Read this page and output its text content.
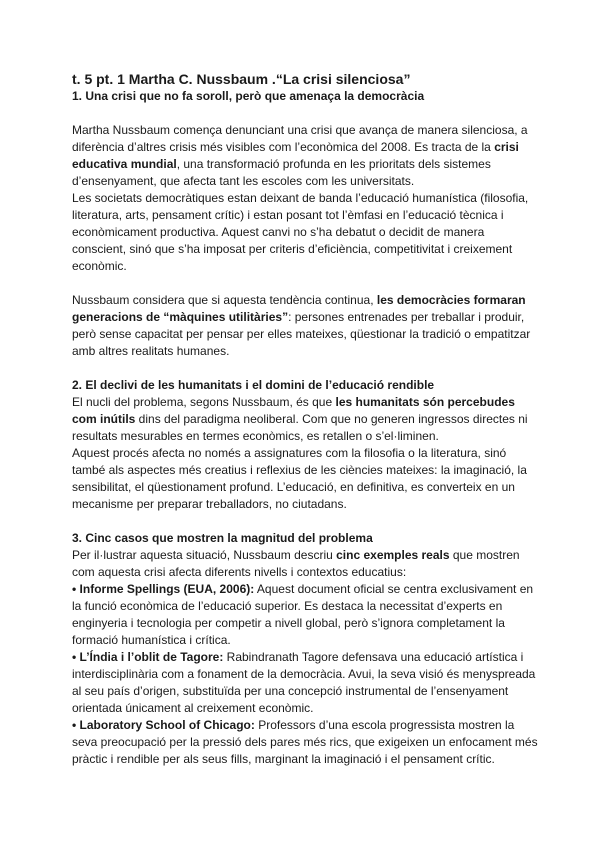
t. 5 pt. 1 Martha C. Nussbaum .“La crisi silenciosa”
1. Una crisi que no fa soroll, però que amenaça la democràcia

Martha Nussbaum comença denunciant una crisi que avança de manera silenciosa, a diferència d’altres crisis més visibles com l’econòmica del 2008. Es tracta de la crisi educativa mundial, una transformació profunda en les prioritats dels sistemes d’ensenyament, que afecta tant les escoles com les universitats.

Les societats democràtiques estan deixant de banda l’educació humanística (filosofia, literatura, arts, pensament crític) i estan posant tot l’èmfasi en l’educació tècnica i econòmicament productiva. Aquest canvi no s’ha debatut o decidit de manera conscient, sinó que s’ha imposat per criteris d’eficiència, competitivitat i creixement econòmic.

Nussbaum considera que si aquesta tendència continua, les democràcies formaran generacions de “màquines utilitàries”: persones entrenades per treballar i produir, però sense capacitat per pensar per elles mateixes, qüestionar la tradició o empatitzar amb altres realitats humanes.

2. El declivi de les humanitats i el domini de l’educació rendible

El nucli del problema, segons Nussbaum, és que les humanitats són percebudes com inútils dins del paradigma neoliberal. Com que no generen ingressos directes ni resultats mesurables en termes econòmics, es retallen o s’el·liminen.

Aquest procés afecta no només a assignatures com la filosofia o la literatura, sinó també als aspectes més creatius i reflexius de les ciències mateixes: la imaginació, la sensibilitat, el qüestionament profund. L’educació, en definitiva, es converteix en un mecanisme per preparar treballadors, no ciutadans.

3. Cinc casos que mostren la magnitud del problema

Per il·lustrar aquesta situació, Nussbaum descriu cinc exemples reals que mostren com aquesta crisi afecta diferents nivells i contextos educatius:

• Informe Spellings (EUA, 2006): Aquest document oficial se centra exclusivament en la funció econòmica de l’educació superior. Es destaca la necessitat d’experts en enginyeria i tecnologia per competir a nivell global, però s’ignora completament la formació humanística i crítica.

• L’Índia i l’oblit de Tagore: Rabindranath Tagore defensava una educació artística i interdisciplinària com a fonament de la democràcia. Avui, la seva visió és menyspreada al seu país d’origen, substituïda per una concepció instrumental de l’ensenyament orientada únicament al creixement econòmic.

• Laboratory School of Chicago: Professors d’una escola progressista mostren la seva preocupació per la pressió dels pares més rics, que exigeixen un enfocament més pràctic i rendible per als seus fills, marginant la imaginació i el pensament crític.
